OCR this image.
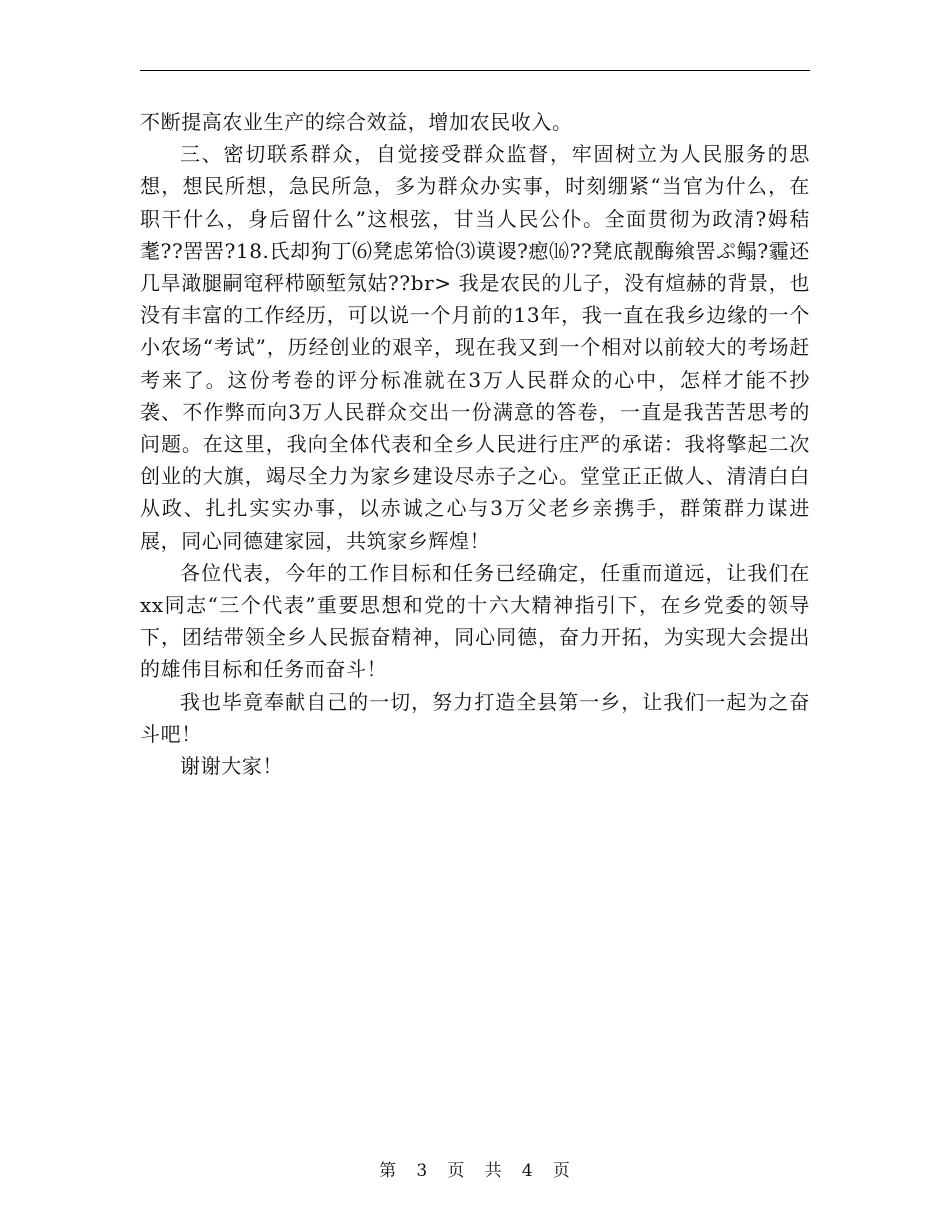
不断提高农业生产的综合效益，增加农民收入。

三、密切联系群众，自觉接受群众监督，牢固树立为人民服务的思想，想民所想，急民所急，多为群众办实事，时刻绷紧“当官为什么，在职干什么，身后留什么”这根弦，甘当人民公仆。全面贯彻为政清?姆秸耄??罟罟?18.氏却狗丁⑹凳虑笫恰⑶谟谡?瘛⒃??凳底靓酶飨罟ぷ鳎?霾还几旱澉腿嗣窀秤栉颐堑氖姑??br> 我是农民的儿子，没有煊赫的背景，也没有丰富的工作经历，可以说一个月前的13年，我一直在我乡边缘的一个小农场“考试”，历经创业的艰辛，现在我又到一个相对以前较大的考场赶考来了。这份考卷的评分标准就在3万人民群众的心中，怎样才能不抄袭、不作弊而向3万人民群众交出一份满意的答卷，一直是我苦苦思考的问题。在这里，我向全体代表和全乡人民进行庄严的承诺：我将擎起二次创业的大旗，竭尽全力为家乡建设尽赤子之心。堂堂正正做人、清清白白从政、扎扎实实办事，以赤诚之心与3万父老乡亲携手，群策群力谋进展，同心同德建家园，共筑家乡辉煌！

各位代表，今年的工作目标和任务已经确定，任重而道远，让我们在xx同志“三个代表”重要思想和党的十六大精神指引下，在乡党委的领导下，团结带领全乡人民振奋精神，同心同德，奋力开拓，为实现大会提出的雄伟目标和任务而奋斗！

我也毕竟奉献自己的一切，努力打造全县第一乡，让我们一起为之奋斗吧！

谢谢大家！

第 3 页 共 4 页
